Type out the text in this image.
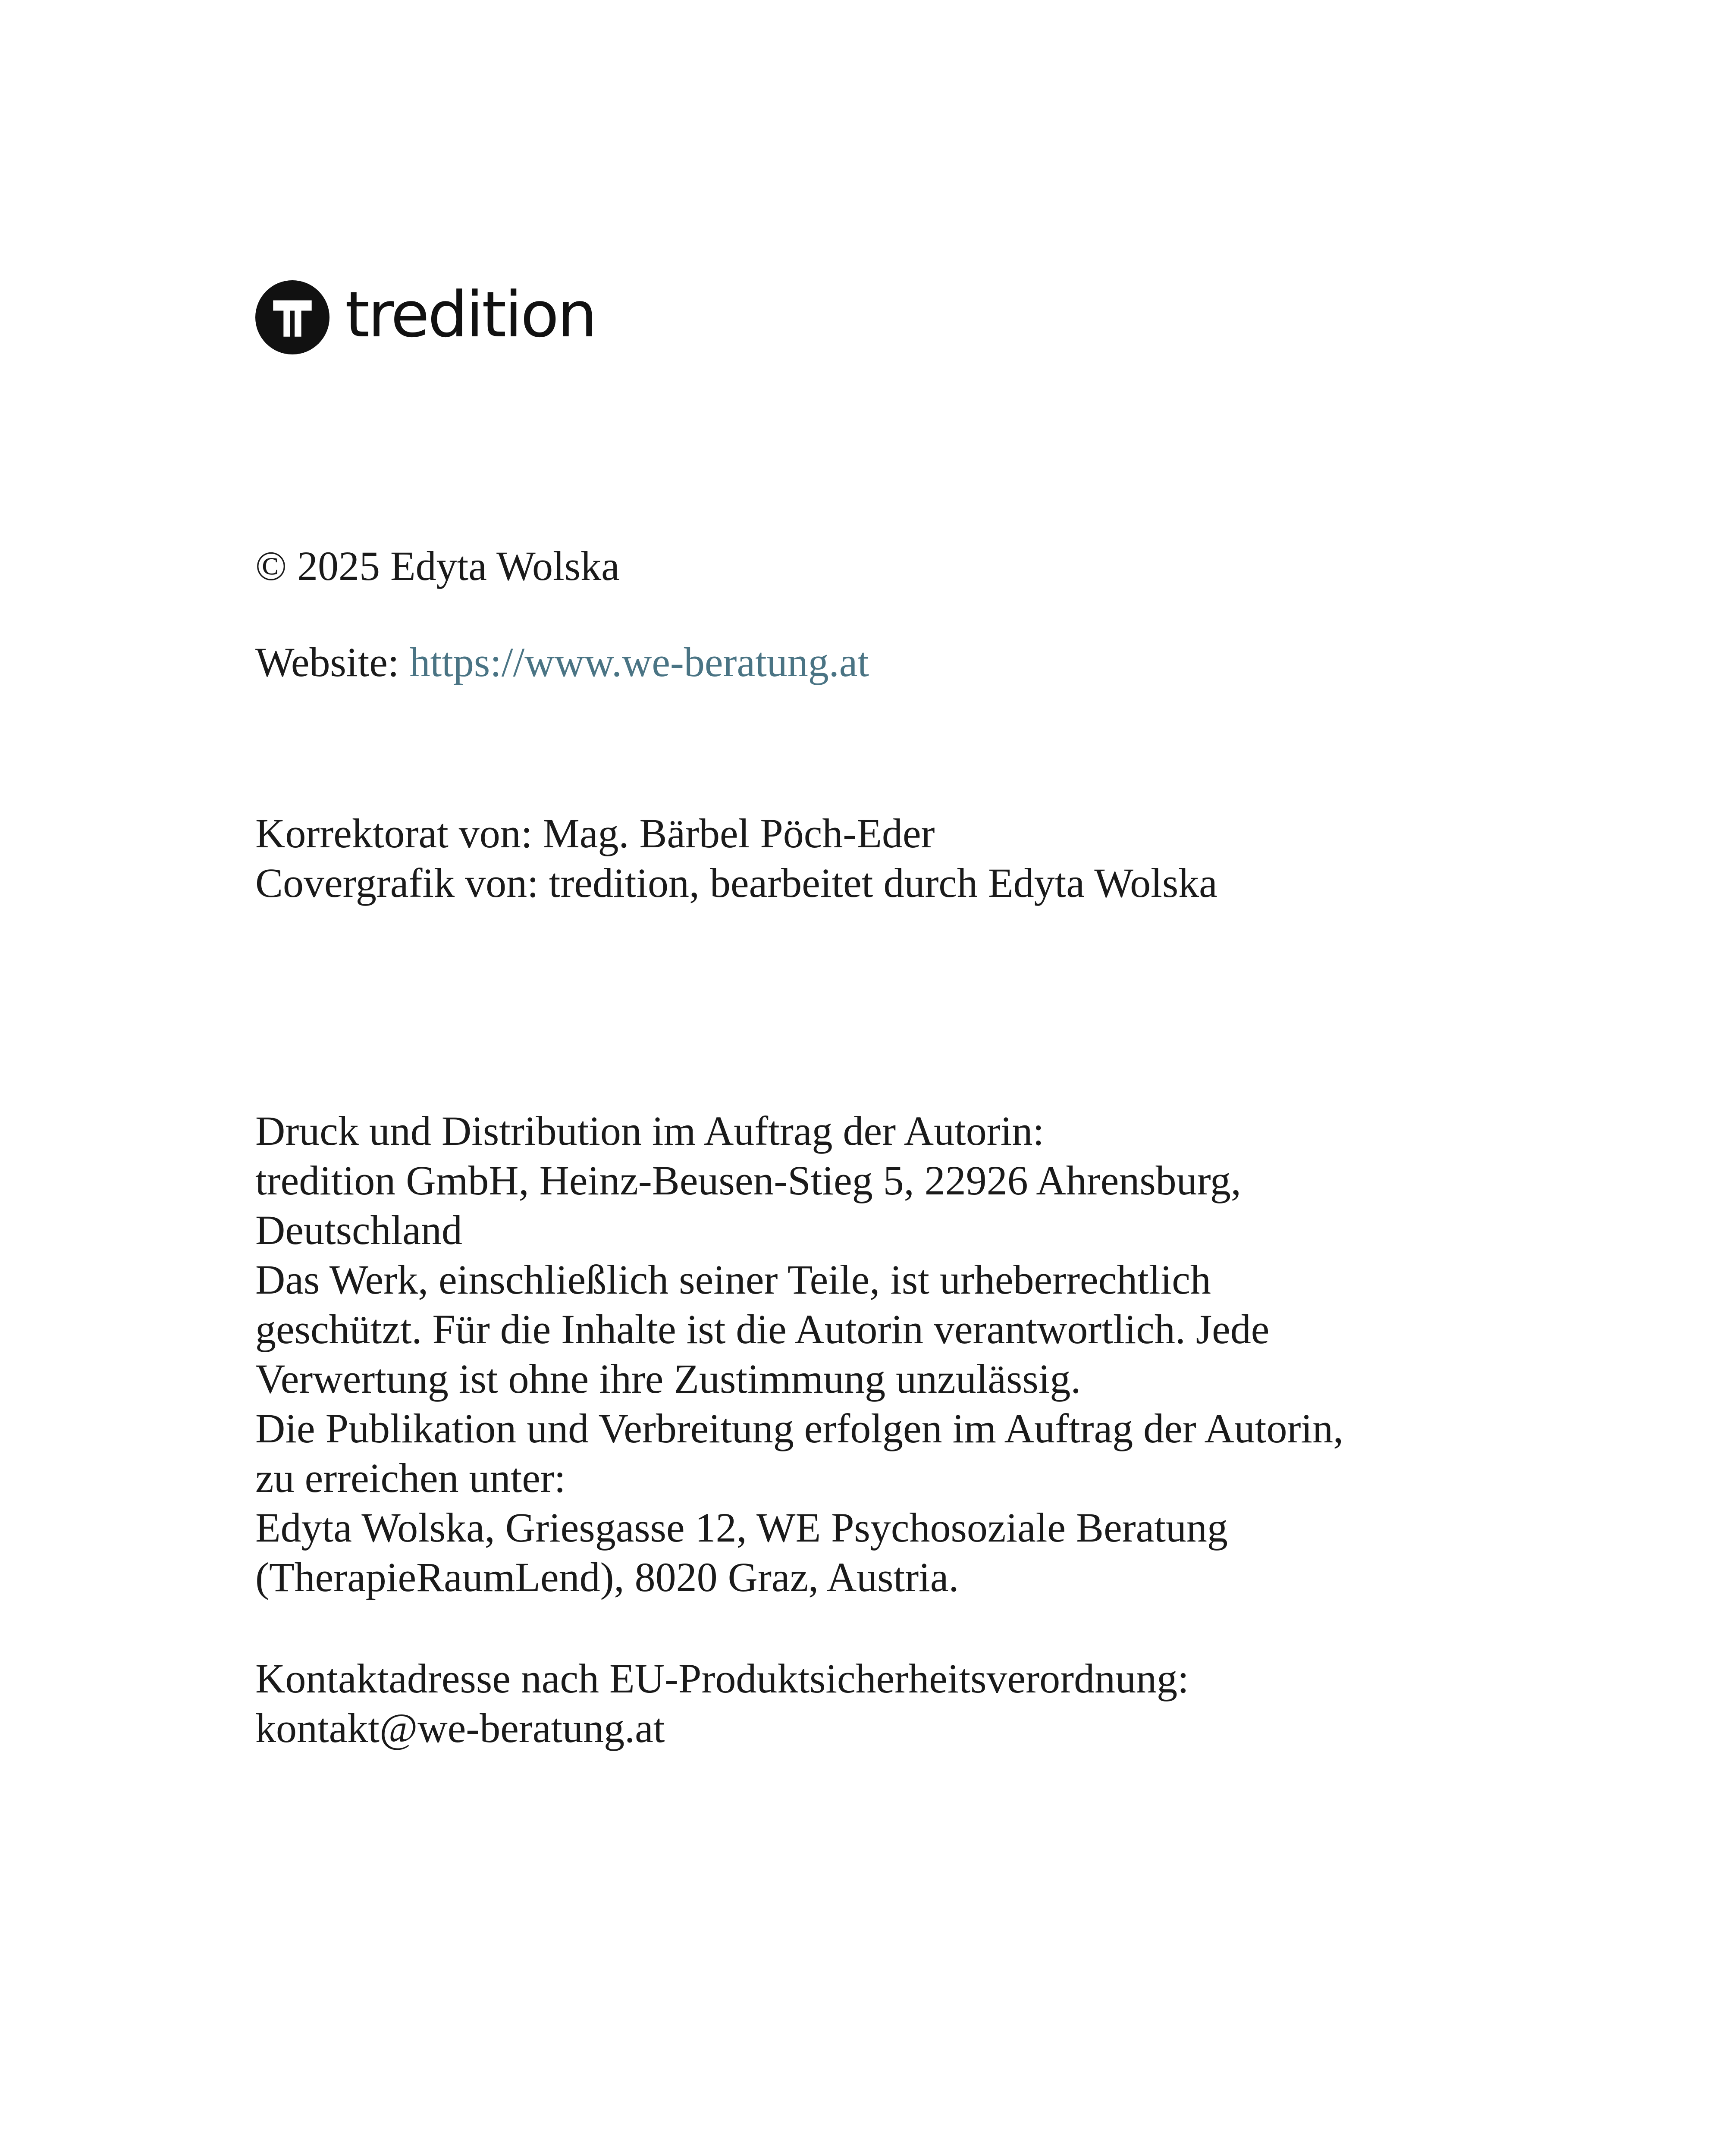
tredition

© 2025 Edyta Wolska

Website: https://www.we-beratung.at

Korrektorat von: Mag. Bärbel Pöch-Eder

Covergrafik von: tredition, bearbeitet durch Edyta Wolska

Druck und Distribution im Auftrag der Autorin:

tredition GmbH, Heinz-Beusen-Stieg 5, 22926 Ahrensburg,

Deutschland

Das Werk, einschließlich seiner Teile, ist urheberrechtlich

geschützt. Für die Inhalte ist die Autorin verantwortlich. Jede

Verwertung ist ohne ihre Zustimmung unzulässig.

Die Publikation und Verbreitung erfolgen im Auftrag der Autorin,

zu erreichen unter:

Edyta Wolska, Griesgasse 12, WE Psychosoziale Beratung

(TherapieRaumLend), 8020 Graz, Austria.

Kontaktadresse nach EU-Produktsicherheitsverordnung:

kontakt@we-beratung.at
